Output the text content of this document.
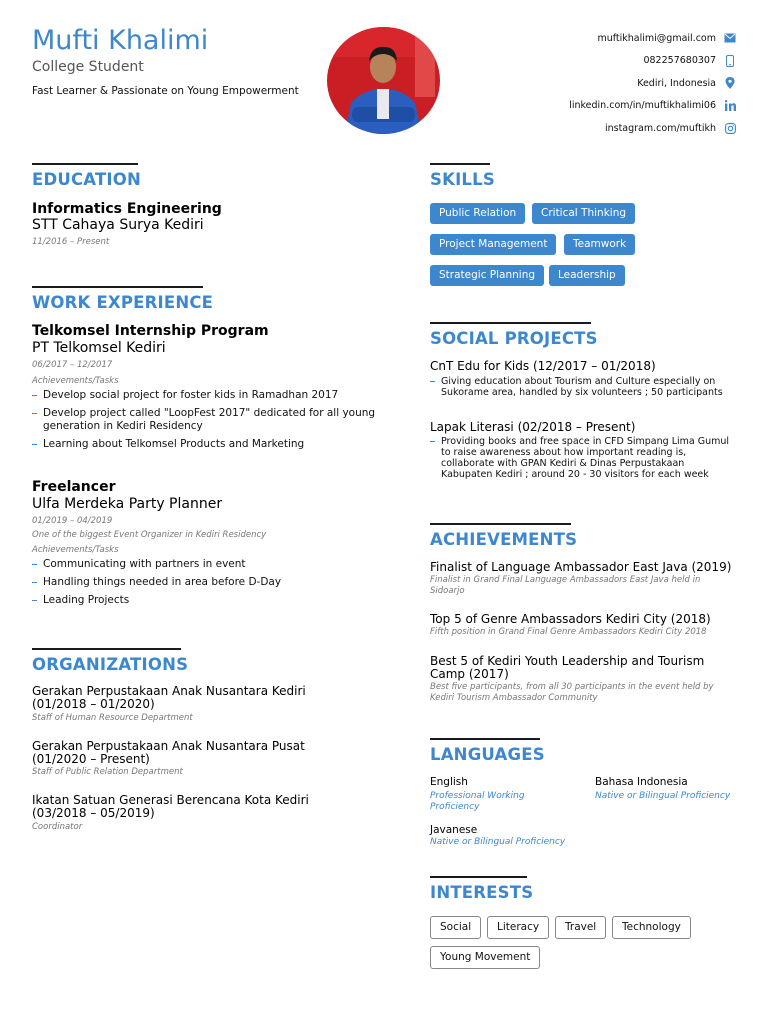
Mufti Khalimi
College Student
Fast Learner & Passionate on Young Empowerment
muftikhalimi@gmail.com
082257680307
Kediri, Indonesia
linkedin.com/in/muftikhalimi06
instagram.com/muftikh
EDUCATION
Informatics Engineering
STT Cahaya Surya Kediri
11/2016 – Present
WORK EXPERIENCE
Telkomsel Internship Program
PT Telkomsel Kediri
06/2017 – 12/2017
Achievements/Tasks
Develop social project for foster kids in Ramadhan 2017
Develop project called "LoopFest 2017" dedicated for all young generation in Kediri Residency
Learning about Telkomsel Products and Marketing
Freelancer
Ulfa Merdeka Party Planner
01/2019 – 04/2019
One of the biggest Event Organizer in Kediri Residency
Achievements/Tasks
Communicating with partners in event
Handling things needed in area before D-Day
Leading Projects
ORGANIZATIONS
Gerakan Perpustakaan Anak Nusantara Kediri (01/2018 – 01/2020)
Staff of Human Resource Department
Gerakan Perpustakaan Anak Nusantara Pusat (01/2020 – Present)
Staff of Public Relation Department
Ikatan Satuan Generasi Berencana Kota Kediri (03/2018 – 05/2019)
Coordinator
SKILLS
Public Relation	Critical Thinking
Project Management	Teamwork
Strategic Planning	Leadership
SOCIAL PROJECTS
CnT Edu for Kids (12/2017 – 01/2018)
Giving education about Tourism and Culture especially on Sukorame area, handled by six volunteers ; 50 participants
Lapak Literasi (02/2018 – Present)
Providing books and free space in CFD Simpang Lima Gumul to raise awareness about how important reading is, collaborate with GPAN Kediri & Dinas Perpustakaan Kabupaten Kediri ; around 20 - 30 visitors for each week
ACHIEVEMENTS
Finalist of Language Ambassador East Java (2019)
Finalist in Grand Final Language Ambassadors East Java held in Sidoarjo
Top 5 of Genre Ambassadors Kediri City (2018)
Fifth position in Grand Final Genre Ambassadors Kediri City 2018
Best 5 of Kediri Youth Leadership and Tourism Camp (2017)
Best five participants, from all 30 participants in the event held by Kediri Tourism Ambassador Community
LANGUAGES
English
Professional Working Proficiency
Bahasa Indonesia
Native or Bilingual Proficiency
Javanese
Native or Bilingual Proficiency
INTERESTS
Social	Literacy	Travel	Technology
Young Movement
